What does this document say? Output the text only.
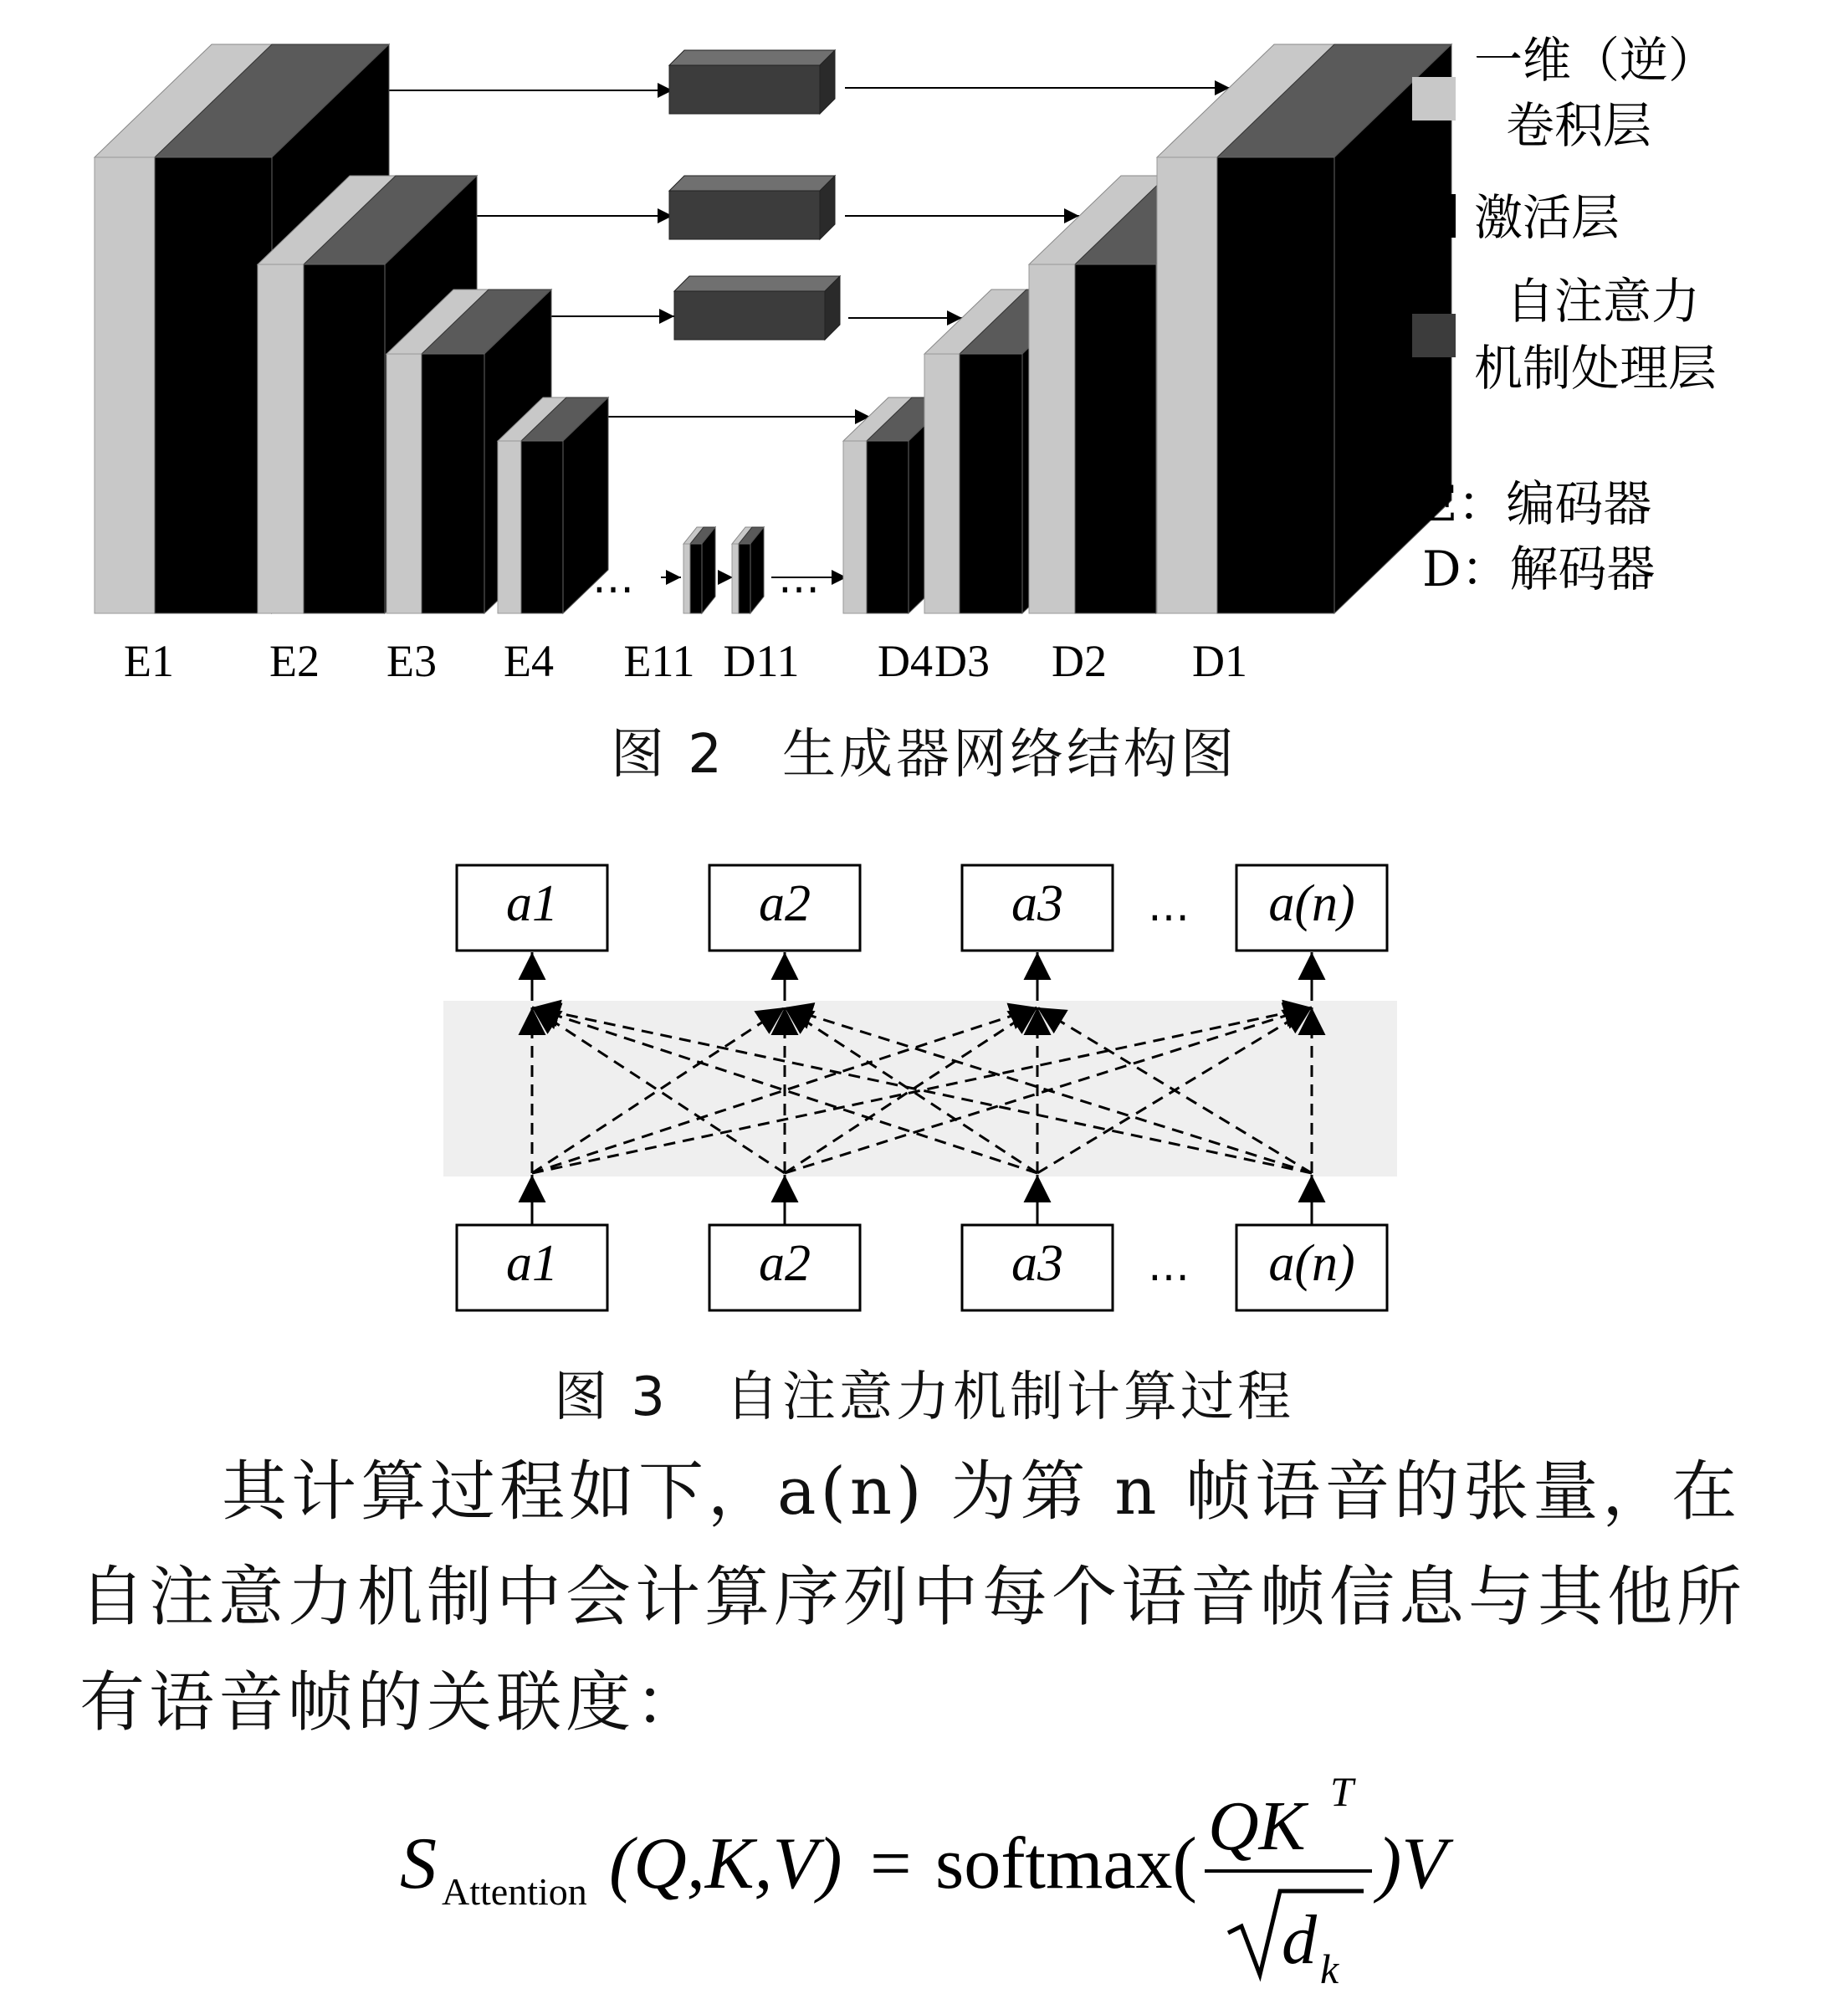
…	…
E1 E2 E3 E4 E11 D11 D4 D3 D2 D1
一维（逆）
卷积层
激活层
自注意力
机制处理层
E：编码器
D：解码器
图 2　生成器网络结构图
a1	a2	a3	a(n)
a1	a2	a3	a(n)
…
…
图 3　自注意力机制计算过程
其计算过程如下，a(n) 为第 n 帧语音的张量，在自注意力机制中会计算序列中每个语音帧信息与其他所有语音帧的关联度：
S Attention (Q,K,V) = softmax( QK T
d k
)V
